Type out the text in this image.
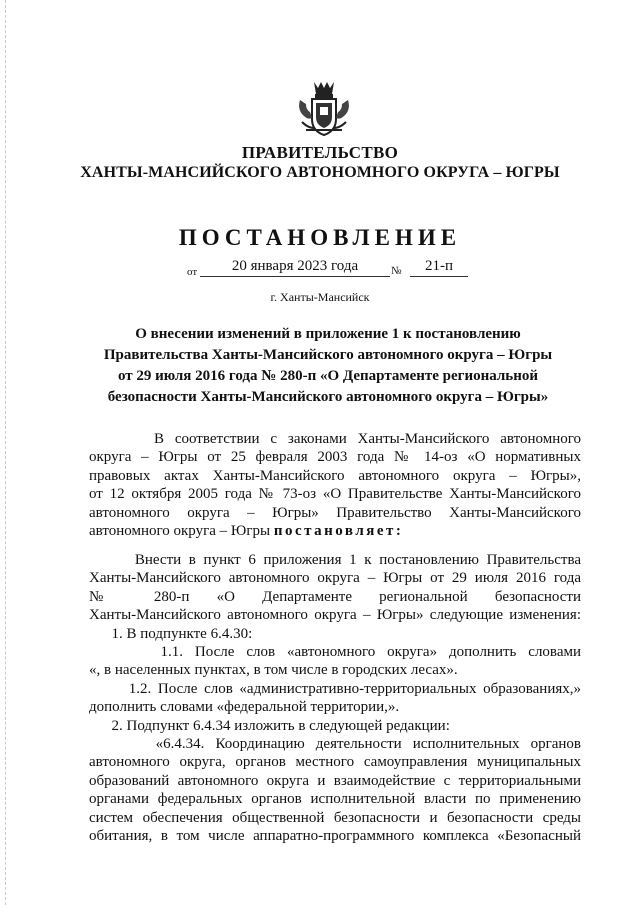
ПРАВИТЕЛЬСТВО
ХАНТЫ-МАНСИЙСКОГО АВТОНОМНОГО ОКРУГА – ЮГРЫ
ПОСТАНОВЛЕНИЕ
от	20 января 2023 года	№	21-п
г. Ханты-Мансийск
О внесении изменений в приложение 1 к постановлению
Правительства Ханты-Мансийского автономного округа – Югры
от 29 июля 2016 года № 280-п «О Департаменте региональной
безопасности Ханты-Мансийского автономного округа – Югры»
В соответствии с законами Ханты-Мансийского автономного
округа – Югры от 25 февраля 2003 года № 14-оз «О нормативных
правовых актах Ханты-Мансийского автономного округа – Югры»,
от 12 октября 2005 года № 73-оз «О Правительстве Ханты-Мансийского
автономного округа – Югры» Правительство Ханты-Мансийского
автономного округа – Югры постановляет:
Внести в пункт 6 приложения 1 к постановлению Правительства
Ханты-Мансийского автономного округа – Югры от 29 июля 2016 года
№ 280-п «О Департаменте региональной безопасности
Ханты-Мансийского автономного округа – Югры» следующие изменения:
1. В подпункте 6.4.30:
1.1. После слов «автономного округа» дополнить словами
«, в населенных пунктах, в том числе в городских лесах».
1.2. После слов «административно-территориальных образованиях,»
дополнить словами «федеральной территории,».
2. Подпункт 6.4.34 изложить в следующей редакции:
«6.4.34. Координацию деятельности исполнительных органов
автономного округа, органов местного самоуправления муниципальных
образований автономного округа и взаимодействие с территориальными
органами федеральных органов исполнительной власти по применению
систем обеспечения общественной безопасности и безопасности среды
обитания, в том числе аппаратно-программного комплекса «Безопасный
